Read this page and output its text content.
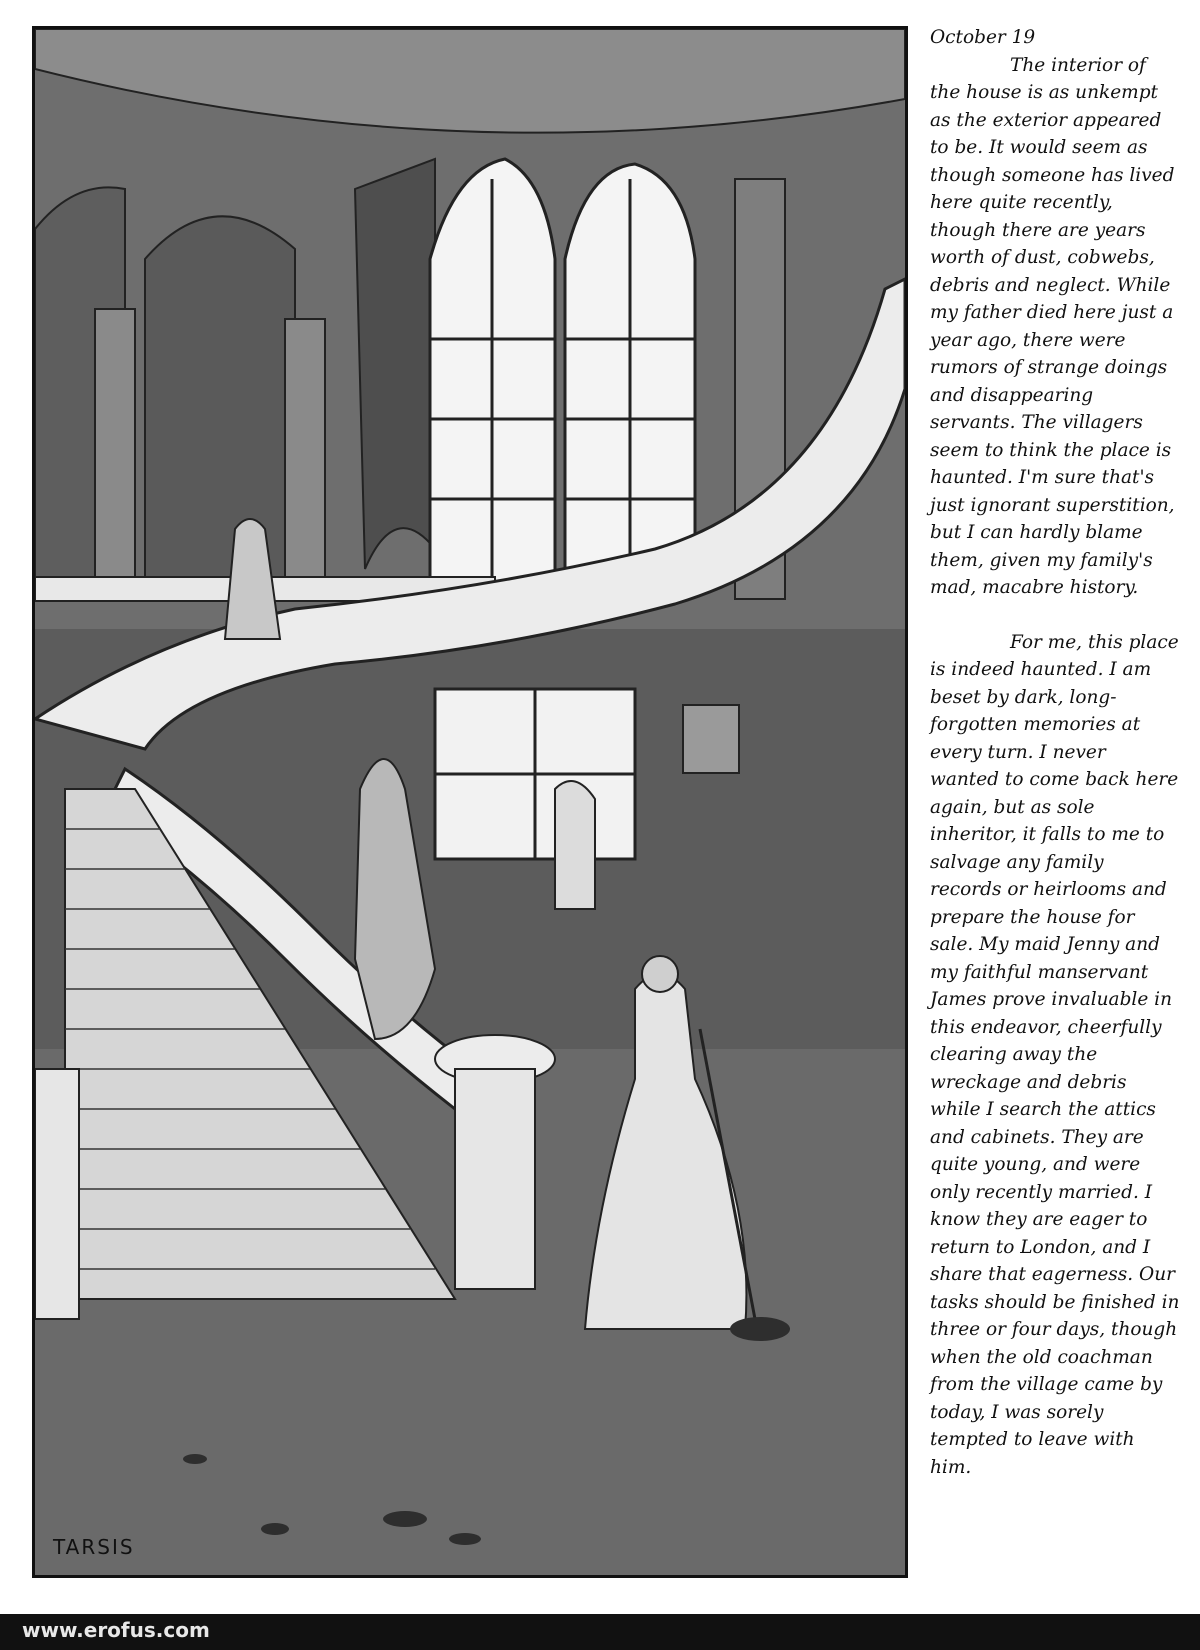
TARSIS
October 19

The interior of the house is as unkempt as the exterior appeared to be. It would seem as though someone has lived here quite recently, though there are years worth of dust, cobwebs, debris and neglect. While my father died here just a year ago, there were rumors of strange doings and disappearing servants. The villagers seem to think the place is haunted. I'm sure that's just ignorant superstition, but I can hardly blame them, given my family's mad, macabre history.

For me, this place is indeed haunted. I am beset by dark, long-forgotten memories at every turn. I never wanted to come back here again, but as sole inheritor, it falls to me to salvage any family records or heirlooms and prepare the house for sale. My maid Jenny and my faithful manservant James prove invaluable in this endeavor, cheerfully clearing away the wreckage and debris while I search the attics and cabinets. They are quite young, and were only recently married. I know they are eager to return to London, and I share that eagerness. Our tasks should be finished in three or four days, though when the old coachman from the village came by today, I was sorely tempted to leave with him.

www.erofus.com
